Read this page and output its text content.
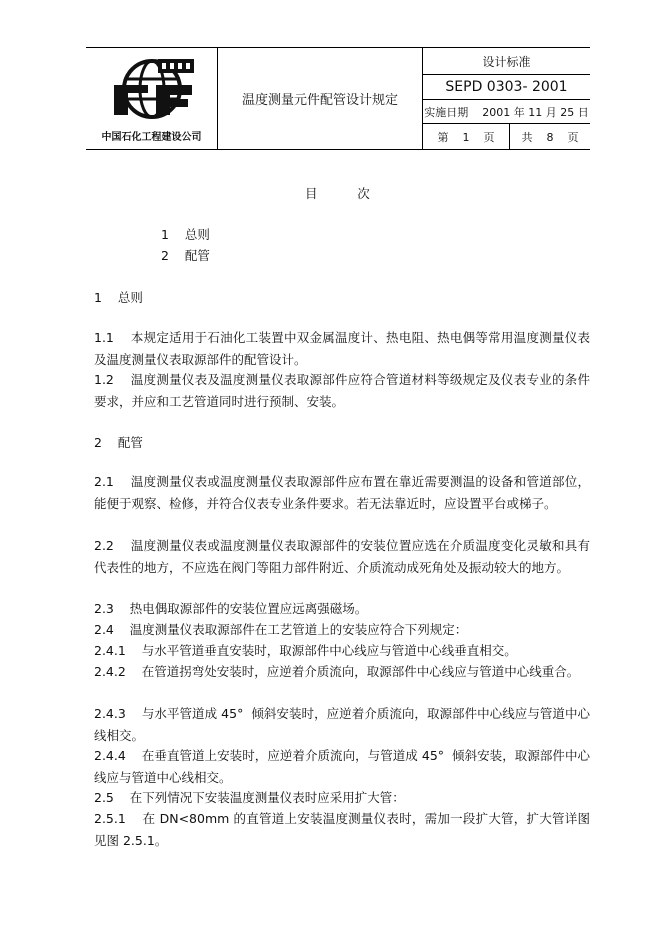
中国石化工程建设公司
温度测量元件配管设计规定
设计标准
SEPD 0303- 2001
实施日期    2001 年 11 月 25 日
第    1    页	共    8    页
目          次
1    总则
2    配管
1    总则
1.1    本规定适用于石油化工装置中双金属温度计、热电阻、热电偶等常用温度测量仪表及温度测量仪表取源部件的配管设计。
1.2    温度测量仪表及温度测量仪表取源部件应符合管道材料等级规定及仪表专业的条件要求，并应和工艺管道同时进行预制、安装。
2    配管
2.1    温度测量仪表或温度测量仪表取源部件应布置在靠近需要测温的设备和管道部位，能便于观察、检修，并符合仪表专业条件要求。若无法靠近时，应设置平台或梯子。
2.2    温度测量仪表或温度测量仪表取源部件的安装位置应选在介质温度变化灵敏和具有代表性的地方，不应选在阀门等阻力部件附近、介质流动成死角处及振动较大的地方。
2.3    热电偶取源部件的安装位置应远离强磁场。
2.4    温度测量仪表取源部件在工艺管道上的安装应符合下列规定：
2.4.1    与水平管道垂直安装时，取源部件中心线应与管道中心线垂直相交。
2.4.2    在管道拐弯处安装时，应逆着介质流向，取源部件中心线应与管道中心线重合。
2.4.3    与水平管道成 45°  倾斜安装时，应逆着介质流向，取源部件中心线应与管道中心线相交。
2.4.4    在垂直管道上安装时，应逆着介质流向，与管道成 45°  倾斜安装，取源部件中心线应与管道中心线相交。
2.5    在下列情况下安装温度测量仪表时应采用扩大管：
2.5.1    在 DN<80mm 的直管道上安装温度测量仪表时，需加一段扩大管，扩大管详图见图 2.5.1。
